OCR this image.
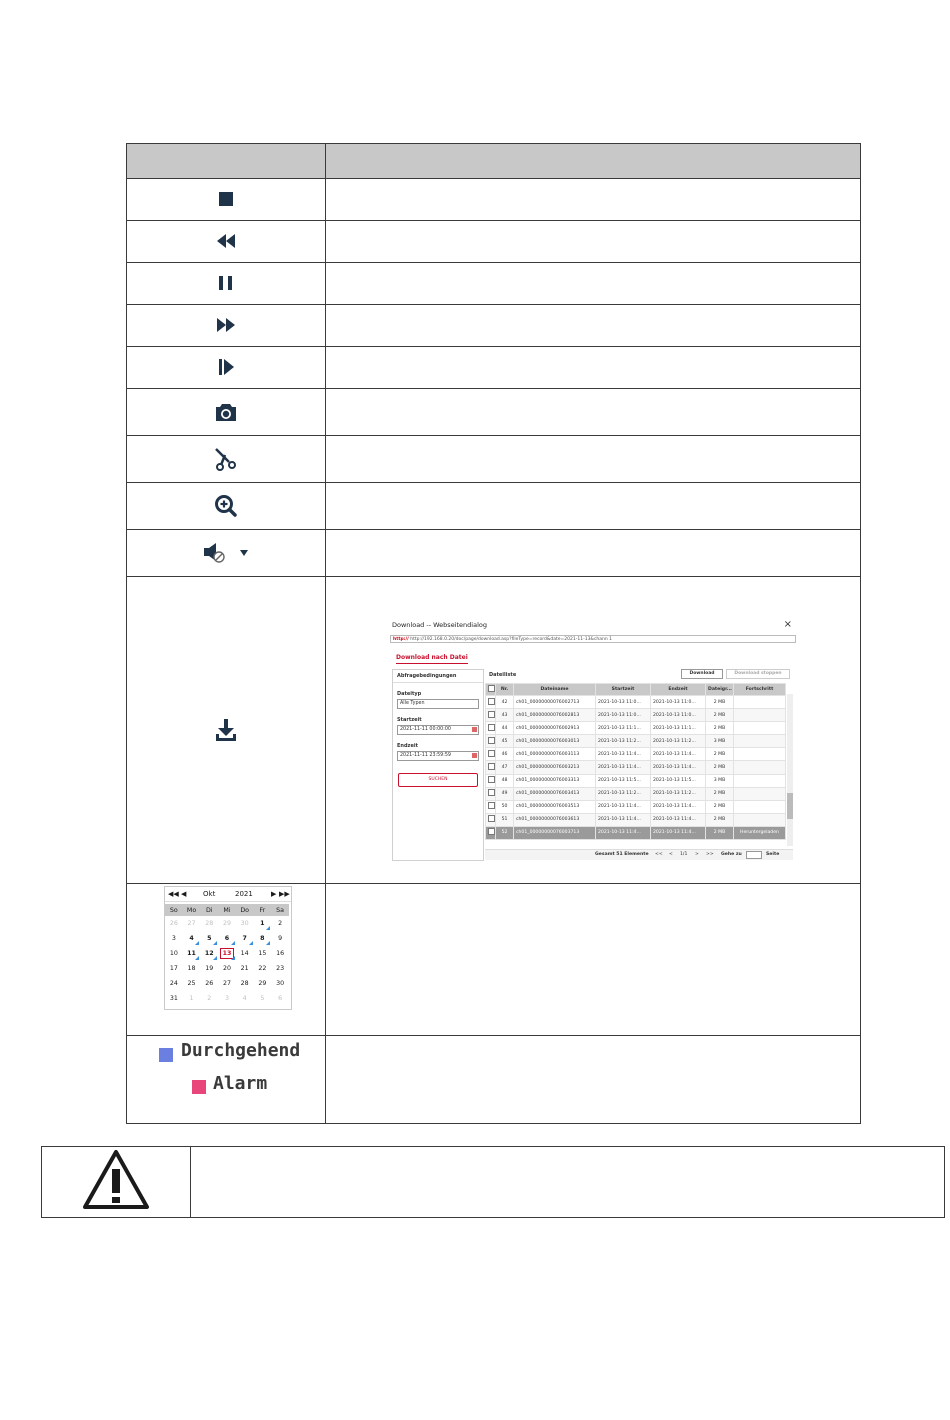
Download -- Webseitendialog	×
http:// http://192.168.0.20/doc/page/download.asp?fileType=record&date=2021-11-13&chann 1
Download nach Datei
Abfragebedingungen
Dateityp
Alle Typen
Startzeit
2021-11-11 00:00:00
Endzeit
2021-11-11 23:59:59
SUCHEN
Dateiliste	Download	Download stoppen
	Nr.	Dateiname	Startzeit	Endzeit	Dateigr...	Fortschritt
	42	ch01_00000000076002713	2021-10-13 11:0...	2021-10-13 11:0...	2 MB	
	43	ch01_00000000076002813	2021-10-13 11:0...	2021-10-13 11:0...	2 MB	
	44	ch01_00000000076002913	2021-10-13 11:1...	2021-10-13 11:1...	2 MB	
	45	ch01_00000000076003013	2021-10-13 11:2...	2021-10-13 11:2...	3 MB	
	46	ch01_00000000076003113	2021-10-13 11:4...	2021-10-13 11:4...	2 MB	
	47	ch01_00000000076003213	2021-10-13 11:4...	2021-10-13 11:4...	2 MB	
	48	ch01_00000000076003313	2021-10-13 11:5...	2021-10-13 11:5...	3 MB	
	49	ch01_00000000076003413	2021-10-13 11:2...	2021-10-13 11:2...	2 MB	
	50	ch01_00000000076003513	2021-10-13 11:4...	2021-10-13 11:4...	2 MB	
	51	ch01_00000000076003613	2021-10-13 11:4...	2021-10-13 11:4...	2 MB	
	52	ch01_00000000076003713	2021-10-13 11:4...	2021-10-13 11:4...	2 MB	Heruntergeladen
Gesamt 51 Elemente << < 1/1 > >> Gehe zu	Seite

◀◀ ◀ Okt	2021	▶ ▶▶
So	Mo	Di	Mi	Do	Fr	Sa
26	27	28	29	30	1	2
3	4	5	6	7	8	9
10	11	12	13	14	15	16
17	18	19	20	21	22	23
24	25	26	27	28	29	30
31	1	2	3	4	5	6

Durchgehend
Alarm
